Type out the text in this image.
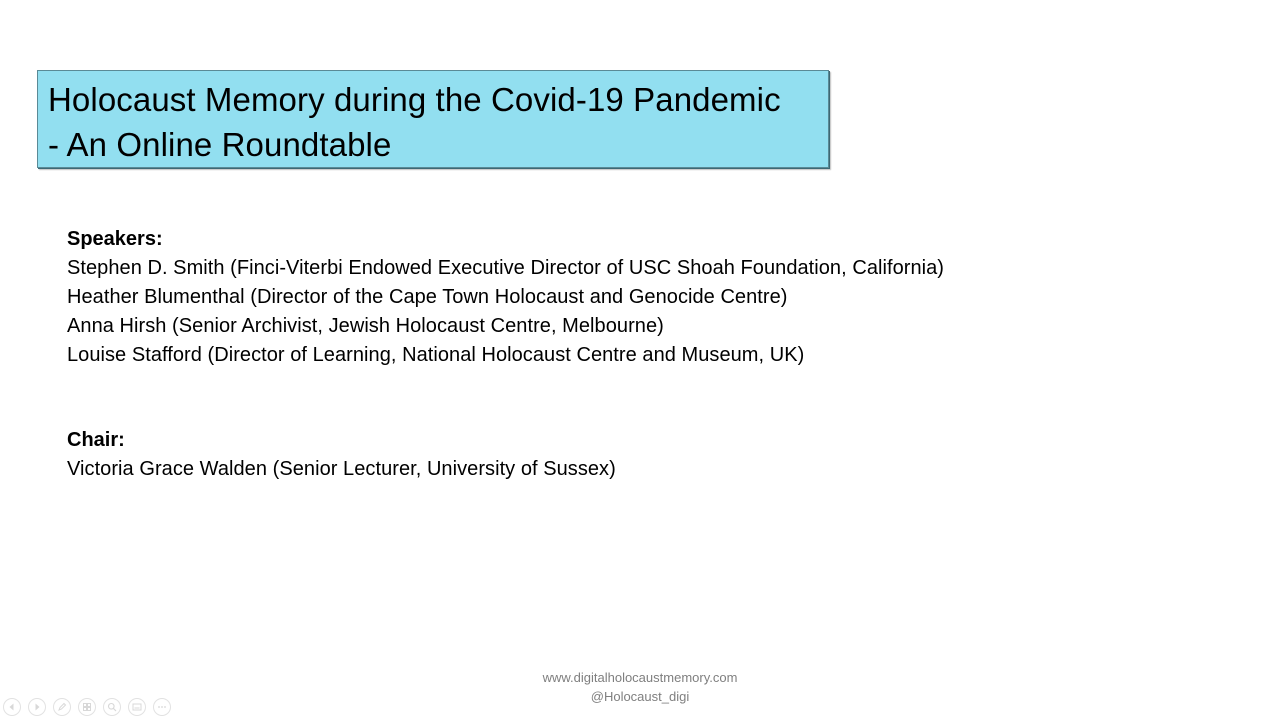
Holocaust Memory during the Covid-19 Pandemic
- An Online Roundtable
Speakers:
Stephen D. Smith (Finci-Viterbi Endowed Executive Director of USC Shoah Foundation, California)
Heather Blumenthal (Director of the Cape Town Holocaust and Genocide Centre)
Anna Hirsh (Senior Archivist, Jewish Holocaust Centre, Melbourne)
Louise Stafford (Director of Learning, National Holocaust Centre and Museum, UK)
Chair:
Victoria Grace Walden (Senior Lecturer, University of Sussex)
www.digitalholocaustmemory.com
@Holocaust_digi
